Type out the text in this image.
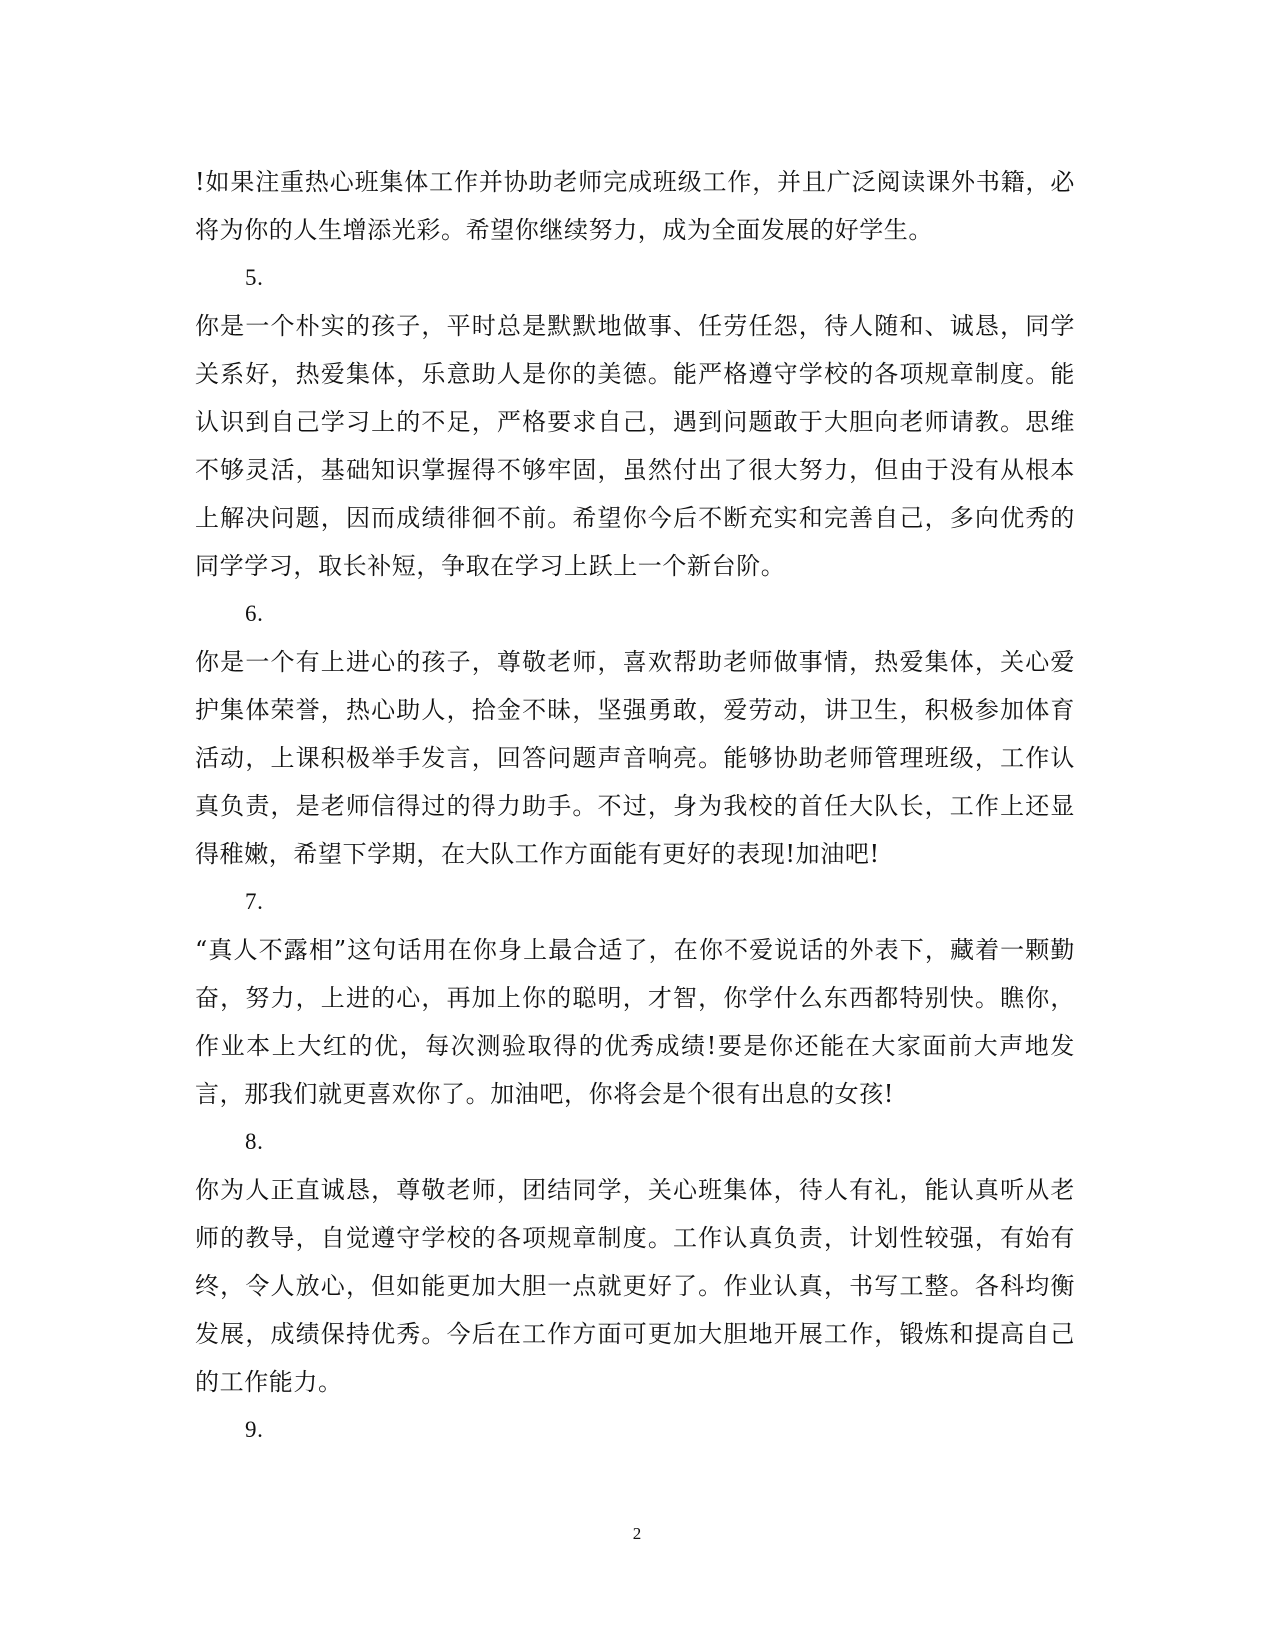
!如果注重热心班集体工作并协助老师完成班级工作，并且广泛阅读课外书籍，必将为你的人生增添光彩。希望你继续努力，成为全面发展的好学生。

5.

你是一个朴实的孩子，平时总是默默地做事、任劳任怨，待人随和、诚恳，同学关系好，热爱集体，乐意助人是你的美德。能严格遵守学校的各项规章制度。能认识到自己学习上的不足，严格要求自己，遇到问题敢于大胆向老师请教。思维不够灵活，基础知识掌握得不够牢固，虽然付出了很大努力，但由于没有从根本上解决问题，因而成绩徘徊不前。希望你今后不断充实和完善自己，多向优秀的同学学习，取长补短，争取在学习上跃上一个新台阶。

6.

你是一个有上进心的孩子，尊敬老师，喜欢帮助老师做事情，热爱集体，关心爱护集体荣誉，热心助人，拾金不昧，坚强勇敢，爱劳动，讲卫生，积极参加体育活动，上课积极举手发言，回答问题声音响亮。能够协助老师管理班级，工作认真负责，是老师信得过的得力助手。不过，身为我校的首任大队长，工作上还显得稚嫩，希望下学期，在大队工作方面能有更好的表现!加油吧!

7.

“真人不露相”这句话用在你身上最合适了，在你不爱说话的外表下，藏着一颗勤奋，努力，上进的心，再加上你的聪明，才智，你学什么东西都特别快。瞧你，作业本上大红的优，每次测验取得的优秀成绩!要是你还能在大家面前大声地发言，那我们就更喜欢你了。加油吧，你将会是个很有出息的女孩!

8.

你为人正直诚恳，尊敬老师，团结同学，关心班集体，待人有礼，能认真听从老师的教导，自觉遵守学校的各项规章制度。工作认真负责，计划性较强，有始有终，令人放心，但如能更加大胆一点就更好了。作业认真，书写工整。各科均衡发展，成绩保持优秀。今后在工作方面可更加大胆地开展工作，锻炼和提高自己的工作能力。

9.

2
